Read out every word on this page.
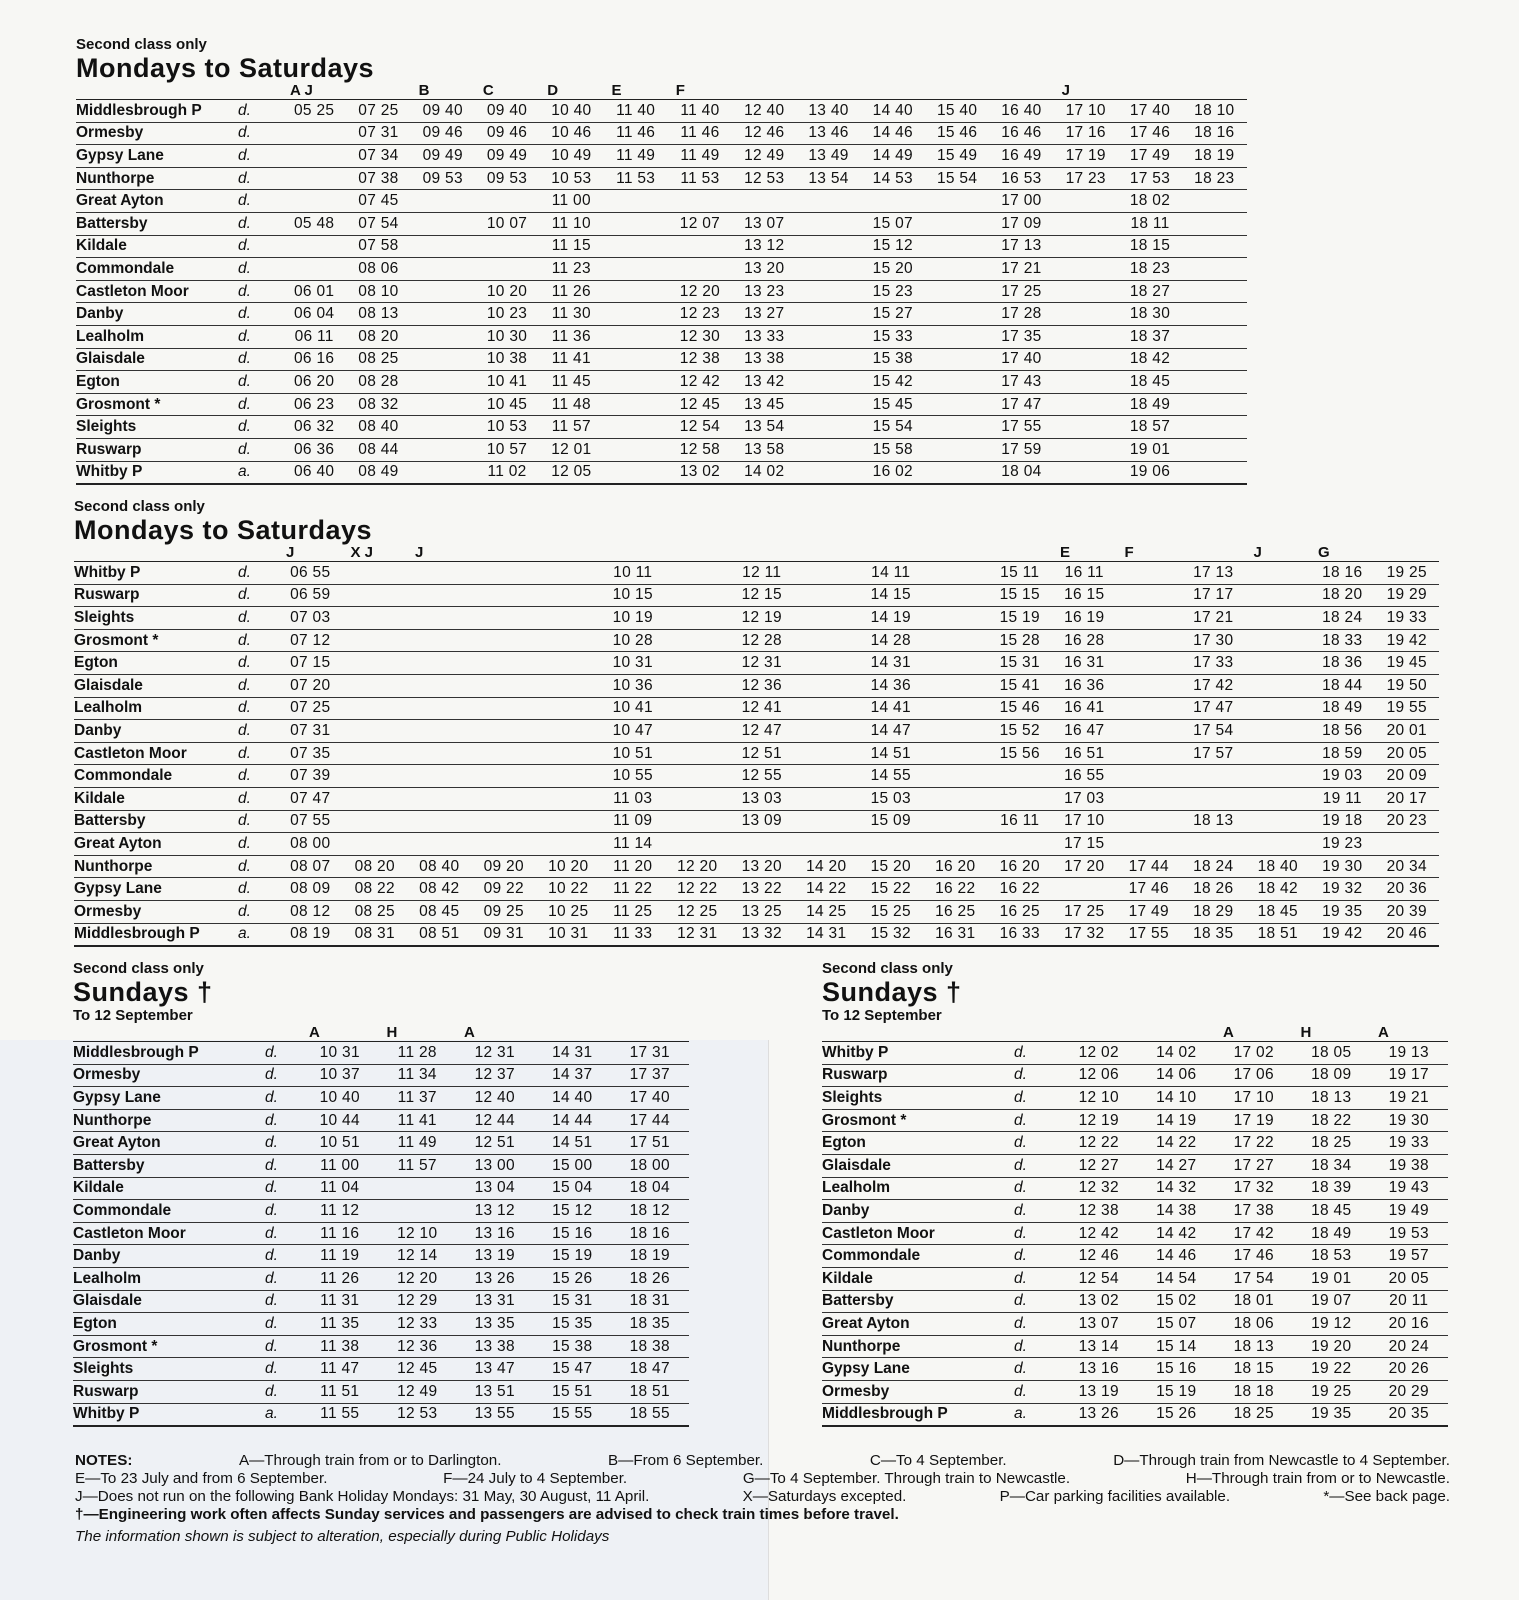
Second class only

Mondays to Saturdays

		A J		B	C	D	E	F						J		
Middlesbrough P	d.	05 25	07 25	09 40	09 40	10 40	11 40	11 40	12 40	13 40	14 40	15 40	16 40	17 10	17 40	18 10
Ormesby	d.		07 31	09 46	09 46	10 46	11 46	11 46	12 46	13 46	14 46	15 46	16 46	17 16	17 46	18 16
Gypsy Lane	d.		07 34	09 49	09 49	10 49	11 49	11 49	12 49	13 49	14 49	15 49	16 49	17 19	17 49	18 19
Nunthorpe	d.		07 38	09 53	09 53	10 53	11 53	11 53	12 53	13 54	14 53	15 54	16 53	17 23	17 53	18 23
Great Ayton	d.		07 45			11 00							17 00		18 02	
Battersby	d.	05 48	07 54		10 07	11 10		12 07	13 07		15 07		17 09		18 11	
Kildale	d.		07 58			11 15			13 12		15 12		17 13		18 15	
Commondale	d.		08 06			11 23			13 20		15 20		17 21		18 23	
Castleton Moor	d.	06 01	08 10		10 20	11 26		12 20	13 23		15 23		17 25		18 27	
Danby	d.	06 04	08 13		10 23	11 30		12 23	13 27		15 27		17 28		18 30	
Lealholm	d.	06 11	08 20		10 30	11 36		12 30	13 33		15 33		17 35		18 37	
Glaisdale	d.	06 16	08 25		10 38	11 41		12 38	13 38		15 38		17 40		18 42	
Egton	d.	06 20	08 28		10 41	11 45		12 42	13 42		15 42		17 43		18 45	
Grosmont *	d.	06 23	08 32		10 45	11 48		12 45	13 45		15 45		17 47		18 49	
Sleights	d.	06 32	08 40		10 53	11 57		12 54	13 54		15 54		17 55		18 57	
Ruswarp	d.	06 36	08 44		10 57	12 01		12 58	13 58		15 58		17 59		19 01	
Whitby P	a.	06 40	08 49		11 02	12 05		13 02	14 02		16 02		18 04		19 06	

Second class only

Mondays to Saturdays

		J	X J	J										E	F		J	G			
Whitby P	d.	06 55					10 11		12 11		14 11		15 11	16 11		17 13		18 16	19 25	
Ruswarp	d.	06 59					10 15		12 15		14 15		15 15	16 15		17 17		18 20	19 29	
Sleights	d.	07 03					10 19		12 19		14 19		15 19	16 19		17 21		18 24	19 33	
Grosmont *	d.	07 12					10 28		12 28		14 28		15 28	16 28		17 30		18 33	19 42	
Egton	d.	07 15					10 31		12 31		14 31		15 31	16 31		17 33		18 36	19 45	
Glaisdale	d.	07 20					10 36		12 36		14 36		15 41	16 36		17 42		18 44	19 50	
Lealholm	d.	07 25					10 41		12 41		14 41		15 46	16 41		17 47		18 49	19 55	
Danby	d.	07 31					10 47		12 47		14 47		15 52	16 47		17 54		18 56	20 01	
Castleton Moor	d.	07 35					10 51		12 51		14 51		15 56	16 51		17 57		18 59	20 05	
Commondale	d.	07 39					10 55		12 55		14 55			16 55				19 03	20 09	
Kildale	d.	07 47					11 03		13 03		15 03			17 03				19 11	20 17	
Battersby	d.	07 55					11 09		13 09		15 09		16 11	17 10		18 13		19 18	20 23	
Great Ayton	d.	08 00					11 14							17 15				19 23		
Nunthorpe	d.	08 07	08 20	08 40	09 20	10 20	11 20	12 20	13 20	14 20	15 20	16 20	16 20	17 20	17 44	18 24	18 40	19 30	20 34	
Gypsy Lane	d.	08 09	08 22	08 42	09 22	10 22	11 22	12 22	13 22	14 22	15 22	16 22	16 22		17 46	18 26	18 42	19 32	20 36	
Ormesby	d.	08 12	08 25	08 45	09 25	10 25	11 25	12 25	13 25	14 25	15 25	16 25	16 25	17 25	17 49	18 29	18 45	19 35	20 39	
Middlesbrough P	a.	08 19	08 31	08 51	09 31	10 31	11 33	12 31	13 32	14 31	15 32	16 31	16 33	17 32	17 55	18 35	18 51	19 42	20 46	

Second class only

Sundays †

To 12 September

		A	H	A		
Middlesbrough P	d.	10 31	11 28	12 31	14 31	17 31
Ormesby	d.	10 37	11 34	12 37	14 37	17 37
Gypsy Lane	d.	10 40	11 37	12 40	14 40	17 40
Nunthorpe	d.	10 44	11 41	12 44	14 44	17 44
Great Ayton	d.	10 51	11 49	12 51	14 51	17 51
Battersby	d.	11 00	11 57	13 00	15 00	18 00
Kildale	d.	11 04		13 04	15 04	18 04
Commondale	d.	11 12		13 12	15 12	18 12
Castleton Moor	d.	11 16	12 10	13 16	15 16	18 16
Danby	d.	11 19	12 14	13 19	15 19	18 19
Lealholm	d.	11 26	12 20	13 26	15 26	18 26
Glaisdale	d.	11 31	12 29	13 31	15 31	18 31
Egton	d.	11 35	12 33	13 35	15 35	18 35
Grosmont *	d.	11 38	12 36	13 38	15 38	18 38
Sleights	d.	11 47	12 45	13 47	15 47	18 47
Ruswarp	d.	11 51	12 49	13 51	15 51	18 51
Whitby P	a.	11 55	12 53	13 55	15 55	18 55

Second class only

Sundays †

To 12 September

				A	H	A
Whitby P	d.	12 02	14 02	17 02	18 05	19 13
Ruswarp	d.	12 06	14 06	17 06	18 09	19 17
Sleights	d.	12 10	14 10	17 10	18 13	19 21
Grosmont *	d.	12 19	14 19	17 19	18 22	19 30
Egton	d.	12 22	14 22	17 22	18 25	19 33
Glaisdale	d.	12 27	14 27	17 27	18 34	19 38
Lealholm	d.	12 32	14 32	17 32	18 39	19 43
Danby	d.	12 38	14 38	17 38	18 45	19 49
Castleton Moor	d.	12 42	14 42	17 42	18 49	19 53
Commondale	d.	12 46	14 46	17 46	18 53	19 57
Kildale	d.	12 54	14 54	17 54	19 01	20 05
Battersby	d.	13 02	15 02	18 01	19 07	20 11
Great Ayton	d.	13 07	15 07	18 06	19 12	20 16
Nunthorpe	d.	13 14	15 14	18 13	19 20	20 24
Gypsy Lane	d.	13 16	15 16	18 15	19 22	20 26
Ormesby	d.	13 19	15 19	18 18	19 25	20 29
Middlesbrough P	a.	13 26	15 26	18 25	19 35	20 35
NOTES:	A—Through train from or to Darlington.	B—From 6 September.	C—To 4 September.	D—Through train from Newcastle to 4 September.
E—To 23 July and from 6 September.	F—24 July to 4 September.	G—To 4 September. Through train to Newcastle.	H—Through train from or to Newcastle.
J—Does not run on the following Bank Holiday Mondays: 31 May, 30 August, 11 April.	X—Saturdays excepted.	P—Car parking facilities available.	*—See back page.
†—Engineering work often affects Sunday services and passengers are advised to check train times before travel.
The information shown is subject to alteration, especially during Public Holidays
